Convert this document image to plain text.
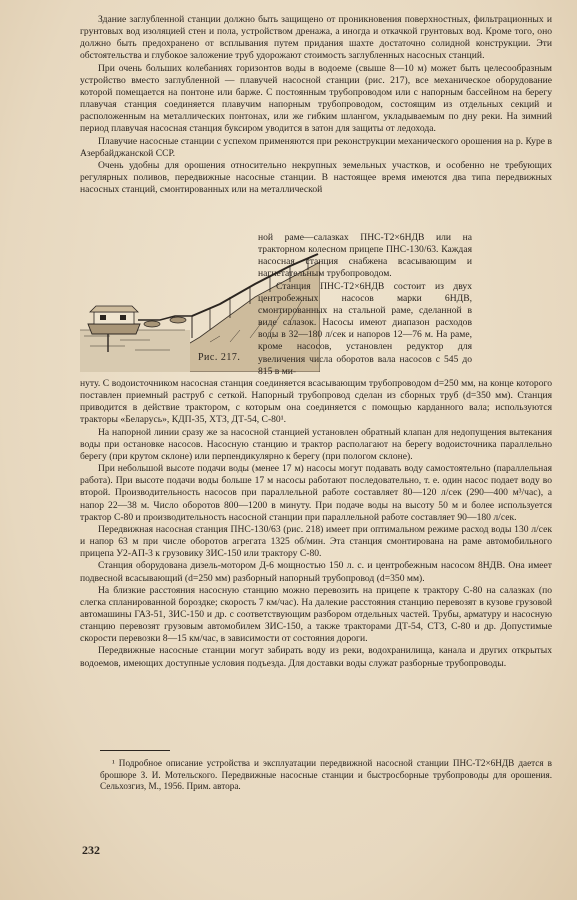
Здание заглубленной станции должно быть защищено от проникновения поверхностных, фильтрационных и грунтовых вод изоляцией стен и пола, устройством дренажа, а иногда и откачкой грунтовых вод. Кроме того, оно должно быть предохранено от всплывания путем придания шахте достаточно солидной конструкции. Эти обстоятельства и глубокое заложение труб удорожают стоимость заглубленных насосных станций.

При очень больших колебаниях горизонтов воды в водоеме (свыше 8—10 м) может быть целесообразным устройство вместо заглубленной — плавучей насосной станции (рис. 217), все механическое оборудование которой помещается на понтоне или барже. С постоянным трубопроводом или с напорным бассейном на берегу плавучая станция соединяется плавучим напорным трубопроводом, состоящим из отдельных секций и расположенным на металлических понтонах, или же гибким шлангом, укладываемым по дну реки. На зимний период плавучая насосная станция буксиром уводится в затон для защиты от ледохода.

Плавучие насосные станции с успехом применяются при реконструкции механического орошения на р. Куре в Азербайджанской ССР.

Очень удобны для орошения относительно некрупных земельных участков, и особенно не требующих регулярных поливов, передвижные насосные станции. В настоящее время имеются два типа передвижных насосных станций, смонтированных или на металлической

Рис. 217.

ной раме—салазках ПНС-Т2×6НДВ или на тракторном колесном прицепе ПНС-130/63. Каждая насосная станция снабжена всасывающим и нагнетательным трубопроводом.

Станция ПНС-Т2×6НДВ состоит из двух центробежных насосов марки 6НДВ, смонтированных на стальной раме, сделанной в виде салазок. Насосы имеют диапазон расходов воды в 32—180 л/сек и напоров 12—76 м. На раме, кроме насосов, установлен редуктор для увеличения числа оборотов вала насосов с 545 до 815 в ми-

нуту. С водоисточником насосная станция соединяется всасывающим трубопроводом d=250 мм, на конце которого поставлен приемный раструб с сеткой. Напорный трубопровод сделан из сборных труб (d=350 мм). Станция приводится в действие трактором, с которым она соединяется с помощью карданного вала; используются тракторы «Беларусь», КДП-35, ХТЗ, ДТ-54, С-80¹.

На напорной линии сразу же за насосной станцией установлен обратный клапан для недопущения вытекания воды при остановке насосов. Насосную станцию и трактор располагают на берегу водоисточника параллельно берегу (при крутом склоне) или перпендикулярно к берегу (при пологом склоне).

При небольшой высоте подачи воды (менее 17 м) насосы могут подавать воду самостоятельно (параллельная работа). При высоте подачи воды больше 17 м насосы работают последовательно, т. е. один насос подает воду во второй. Производительность насосов при параллельной работе составляет 80—120 л/сек (290—400 м³/час), а напор 22—38 м. Число оборотов 800—1200 в минуту. При подаче воды на высоту 50 м и более используется трактор С-80 и производительность насосной станции при параллельной работе составляет 90—180 л/сек.

Передвижная насосная станция ПНС-130/63 (рис. 218) имеет при оптимальном режиме расход воды 130 л/сек и напор 63 м при числе оборотов агрегата 1325 об/мин. Эта станция смонтирована на раме автомобильного прицепа У2-АП-3 к грузовику ЗИС-150 или трактору С-80.

Станция оборудована дизель-мотором Д-6 мощностью 150 л. с. и центробежным насосом 8НДВ. Она имеет подвесной всасывающий (d=250 мм) разборный напорный трубопровод (d=350 мм).

На близкие расстояния насосную станцию можно перевозить на прицепе к трактору С-80 на салазках (по слегка спланированной бороздке; скорость 7 км/час). На далекие расстояния станцию перевозят в кузове грузовой автомашины ГАЗ-51, ЗИС-150 и др. с соответствующим разбором отдельных частей. Трубы, арматуру и насосную станцию перевозят грузовым автомобилем ЗИС-150, а также тракторами ДТ-54, СТЗ, С-80 и др. Допустимые скорости перевозки 8—15 км/час, в зависимости от состояния дороги.

Передвижные насосные станции могут забирать воду из реки, водохранилища, канала и других открытых водоемов, имеющих доступные условия подъезда. Для доставки воды служат разборные трубопроводы.

¹ Подробное описание устройства и эксплуатации передвижной насосной станции ПНС-Т2×6НДВ дается в брошюре З. И. Мотельского. Передвижные насосные станции и быстросборные трубопроводы для орошения. Сельхозгиз, М., 1956. Прим. автора.

232
